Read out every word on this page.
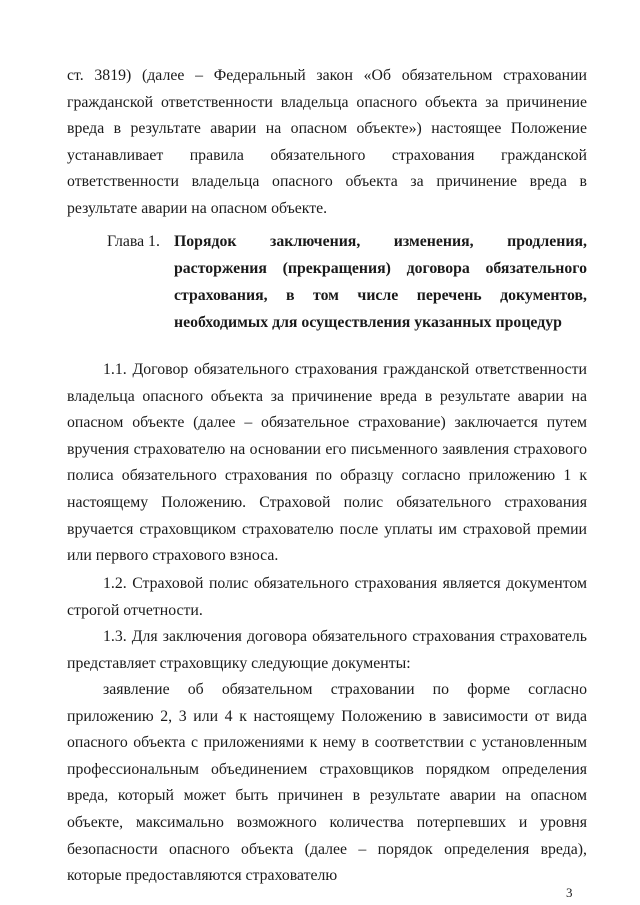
ст. 3819) (далее – Федеральный закон «Об обязательном страховании гражданской ответственности владельца опасного объекта за причинение вреда в результате аварии на опасном объекте») настоящее Положение устанавливает правила обязательного страхования гражданской ответственности владельца опасного объекта за причинение вреда в результате аварии на опасном объекте.

Глава 1. Порядок заключения, изменения, продления, расторжения (прекращения) договора обязательного страхования, в том числе перечень документов, необходимых для осуществления указанных процедур

1.1. Договор обязательного страхования гражданской ответственности владельца опасного объекта за причинение вреда в результате аварии на опасном объекте (далее – обязательное страхование) заключается путем вручения страхователю на основании его письменного заявления страхового полиса обязательного страхования по образцу согласно приложению 1 к настоящему Положению. Страховой полис обязательного страхования вручается страховщиком страхователю после уплаты им страховой премии или первого страхового взноса.

1.2. Страховой полис обязательного страхования является документом строгой отчетности.

1.3. Для заключения договора обязательного страхования страхователь представляет страховщику следующие документы:

заявление об обязательном страховании по форме согласно приложению 2, 3 или 4 к настоящему Положению в зависимости от вида опасного объекта с приложениями к нему в соответствии с установленным профессиональным объединением страховщиков порядком определения вреда, который может быть причинен в результате аварии на опасном объекте, максимально возможного количества потерпевших и уровня безопасности опасного объекта (далее – порядок определения вреда), которые предоставляются страхователю

3
